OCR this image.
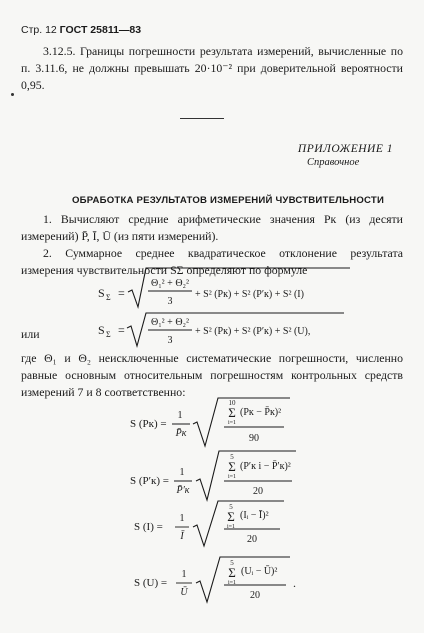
Стр. 12 ГОСТ 25811—83
3.12.5. Границы погрешности результата измерений, вычисленные по п. 3.11.6, не должны превышать 20·10⁻² при доверительной вероятности 0,95.
ПРИЛОЖЕНИЕ 1
Справочное
ОБРАБОТКА РЕЗУЛЬТАТОВ ИЗМЕРЕНИЙ ЧУВСТВИТЕЛЬНОСТИ
1. Вычисляют средние арифметические значения Pк (из десяти измерений) P̄, Ī, Ū (из пяти измерений).
2. Суммарное среднее квадратическое отклонение результата измерения чувствительности SΣ определяют по формуле
или
где Θ₁ и Θ₂ неисключенные систематические погрешности, численно равные основным относительным погрешностям контрольных средств измерений 7 и 8 соответственно:
S Σ =
Θ₁² + Θ₂²
3
+ S² (Pк) + S² (P′к) + S² (I)
S Σ =
Θ₁² + Θ₂²
3
+ S² (Pк) + S² (P′к) + S² (U),
S (Pк) =
1
P̄к
10
Σ
i=1
(Pк − P̄к)²
90
S (P′к) =
1
P̄′к
5
Σ
i=1
(P′к i − P̄′к)²
20
S (I) =
1
Ī
5
Σ
i=1
(Iᵢ − Ī)²
20
S (U) =
1
Ū
5
Σ
i=1
(Uᵢ − Ū)²
20
.
